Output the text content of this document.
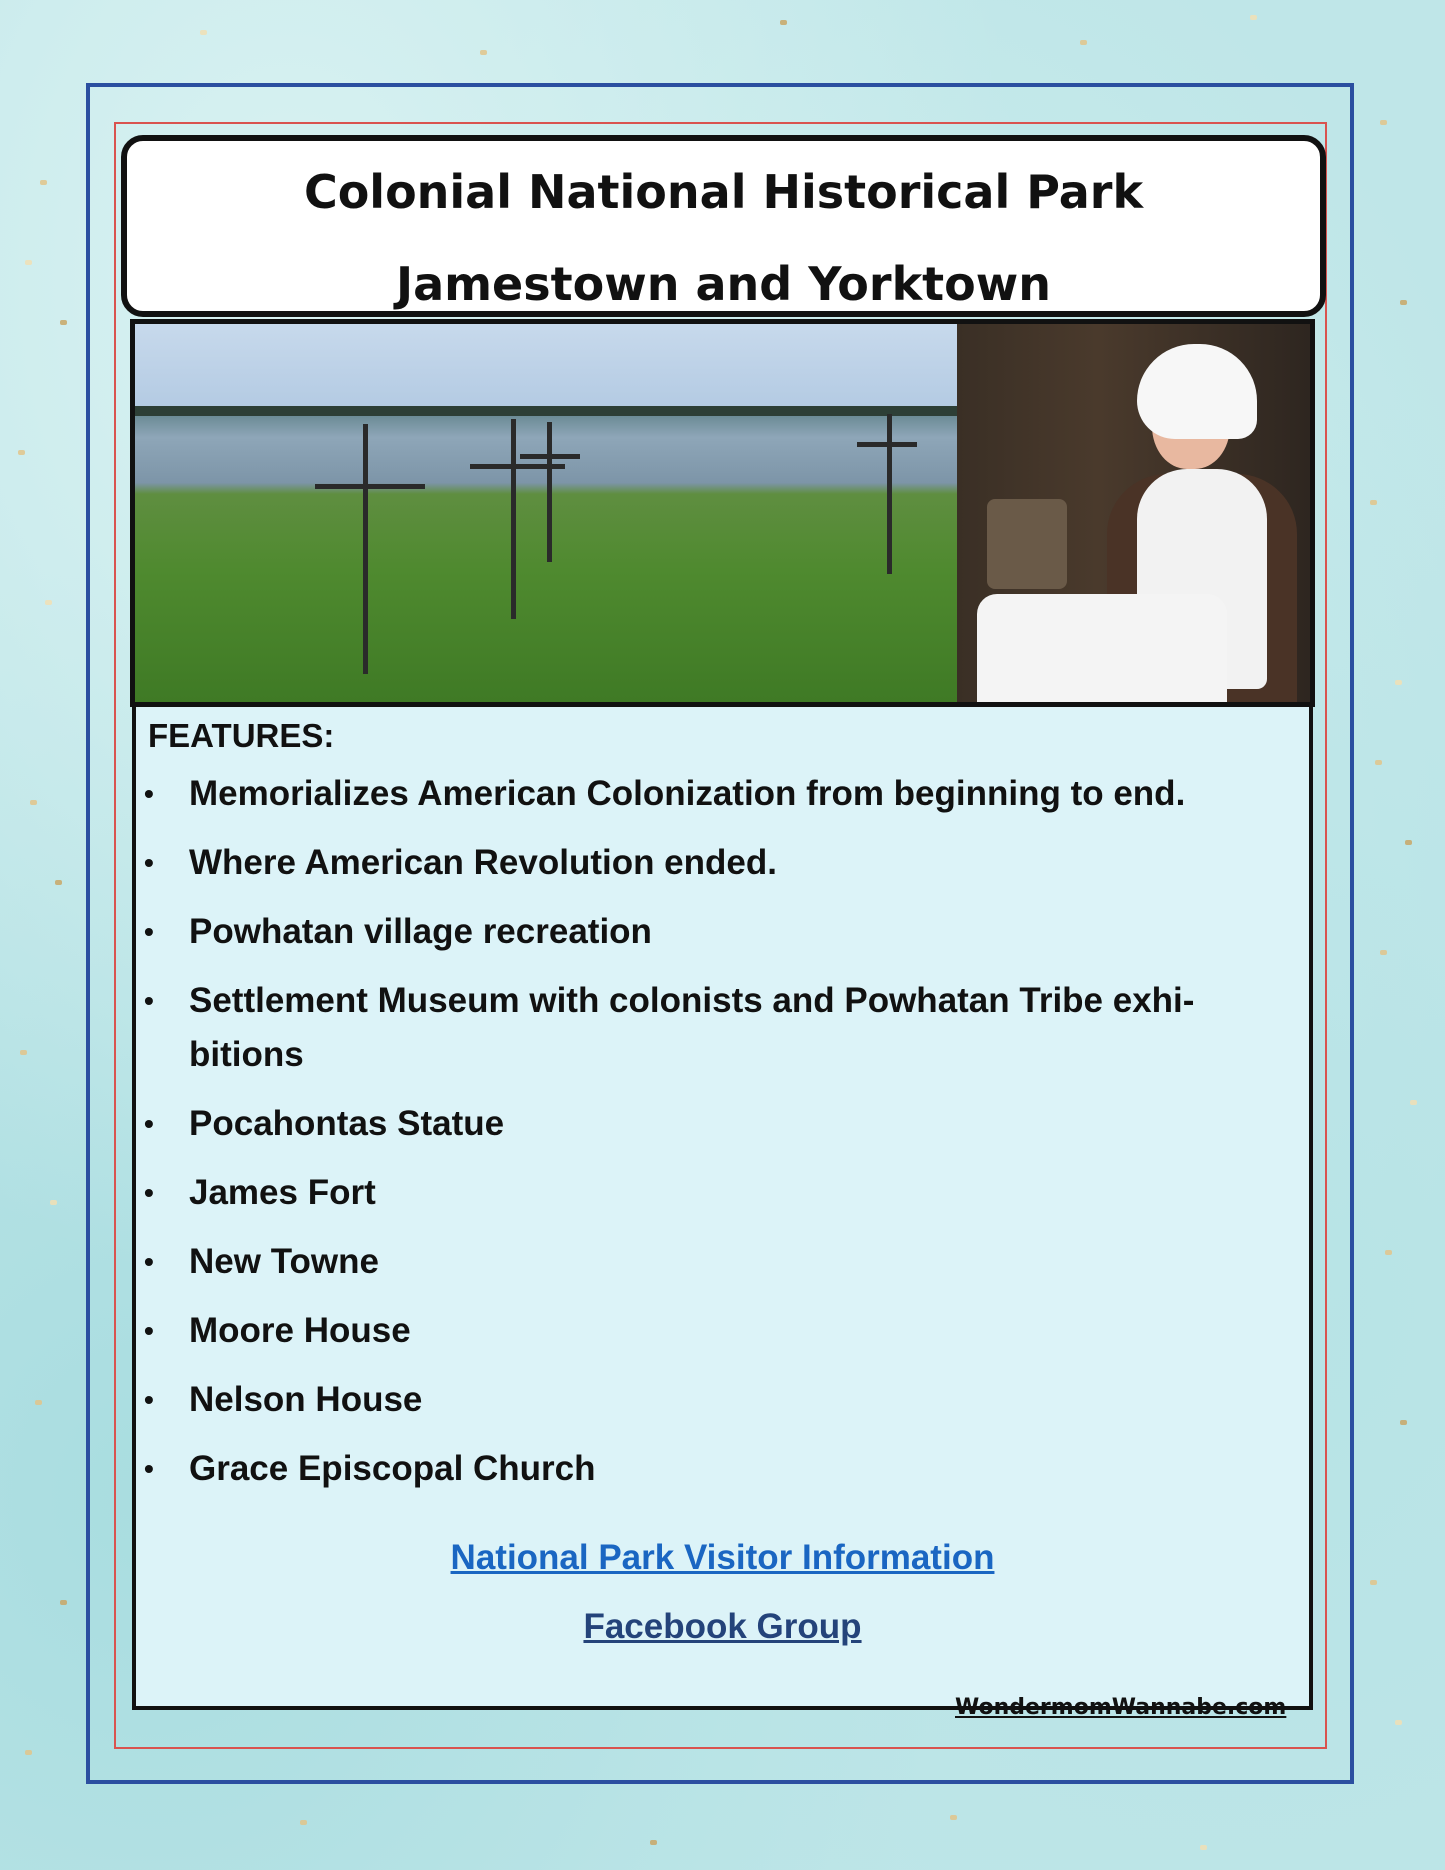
Colonial National Historical Park
Jamestown and Yorktown
FEATURES:
• Memorializes American Colonization from beginning to end.
• Where American Revolution ended.
• Powhatan village recreation
• Settlement Museum with colonists and Powhatan Tribe exhi-bitions
• Pocahontas Statue
• James Fort
• New Towne
• Moore House
• Nelson House
• Grace Episcopal Church
National Park Visitor Information
Facebook Group
WondermomWannabe.com
